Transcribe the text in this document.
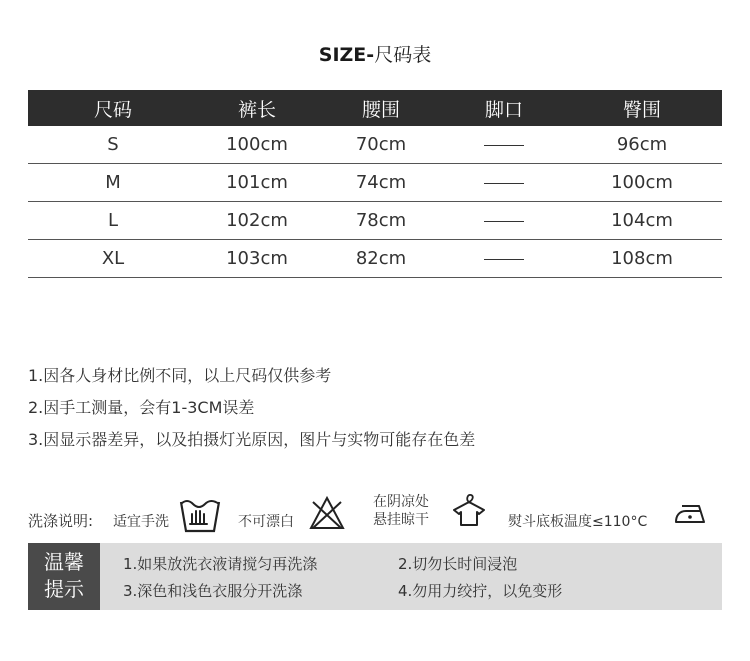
SIZE-尺码表
尺码	裤长	腰围	脚口	臀围
S	100cm	70cm		96cm
M	101cm	74cm		100cm
L	102cm	78cm		104cm
XL	103cm	82cm		108cm
1.因各人身材比例不同，以上尺码仅供参考
2.因手工测量，会有1-3CM误差
3.因显示器差异，以及拍摄灯光原因，图片与实物可能存在色差
洗涤说明: 适宜手洗	不可漂白
在阴凉处
悬挂晾干	熨斗底板温度≤110°C
温馨
提示
1.如果放洗衣液请搅匀再洗涤	2.切勿长时间浸泡
3.深色和浅色衣服分开洗涤	4.勿用力绞拧，以免变形
